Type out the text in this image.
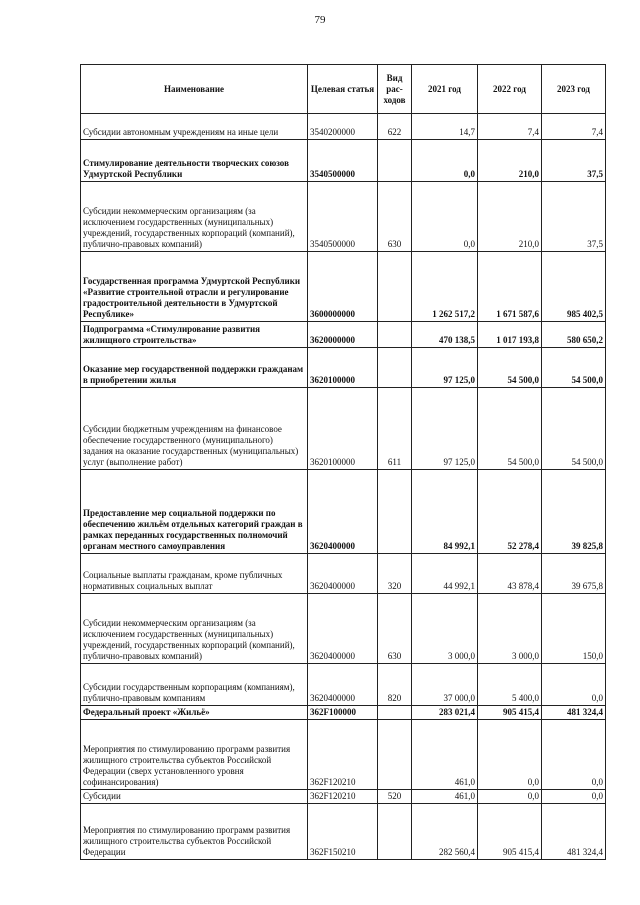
79
Наименование	Целевая статья	Вид рас-ходов	2021 год	2022 год	2023 год
Субсидии автономным учреждениям на иные цели	3540200000	622	14,7	7,4	7,4
Стимулирование деятельности творческих союзов Удмуртской Республики	3540500000		0,0	210,0	37,5
Субсидии некоммерческим организациям (за исключением государственных (муниципальных) учреждений, государственных корпораций (компаний), публично-правовых компаний)	3540500000	630	0,0	210,0	37,5
Государственная программа Удмуртской Республики «Развитие строительной отрасли и регулирование градостроительной деятельности в Удмуртской Республике»	3600000000		1 262 517,2	1 671 587,6	985 402,5
Подпрограмма «Стимулирование развития жилищного строительства»	3620000000		470 138,5	1 017 193,8	580 650,2
Оказание мер государственной поддержки гражданам в приобретении жилья	3620100000		97 125,0	54 500,0	54 500,0
Субсидии бюджетным учреждениям на финансовое обеспечение государственного (муниципального) задания на оказание государственных (муниципальных) услуг (выполнение работ)	3620100000	611	97 125,0	54 500,0	54 500,0
Предоставление мер социальной поддержки по обеспечению жильём отдельных категорий граждан в рамках переданных государственных полномочий органам местного самоуправления	3620400000		84 992,1	52 278,4	39 825,8
Социальные выплаты гражданам, кроме публичных нормативных социальных выплат	3620400000	320	44 992,1	43 878,4	39 675,8
Субсидии некоммерческим организациям (за исключением государственных (муниципальных) учреждений, государственных корпораций (компаний), публично-правовых компаний)	3620400000	630	3 000,0	3 000,0	150,0
Субсидии государственным корпорациям (компаниям), публично-правовым компаниям	3620400000	820	37 000,0	5 400,0	0,0
Федеральный проект «Жильё»	362F100000		283 021,4	905 415,4	481 324,4
Мероприятия по стимулированию программ развития жилищного строительства субъектов Российской Федерации (сверх установленного уровня софинансирования)	362F120210		461,0	0,0	0,0
Субсидии	362F120210	520	461,0	0,0	0,0
Мероприятия по стимулированию программ развития жилищного строительства субъектов Российской Федерации	362F150210		282 560,4	905 415,4	481 324,4
